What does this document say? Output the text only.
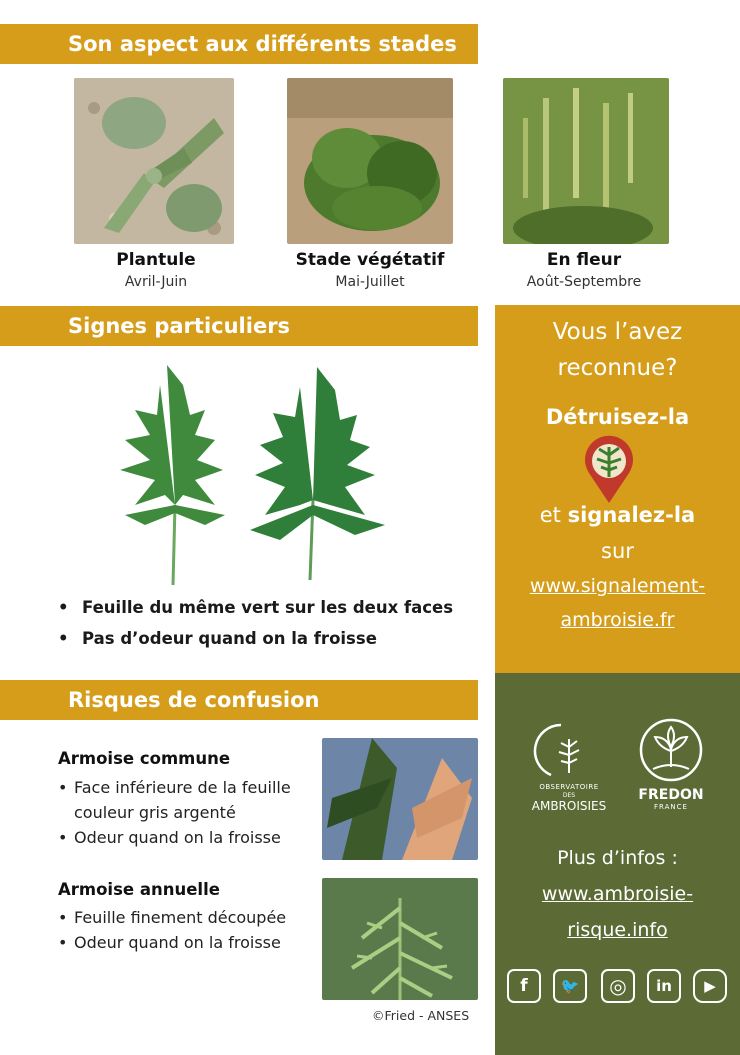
Son aspect aux différents stades
Plantule
Avril-Juin
Stade végétatif
Mai-Juillet
En fleur
Août-Septembre
Signes particuliers
• Feuille du même vert sur les deux faces
• Pas d’odeur quand on la froisse
Risques de confusion
Armoise commune
• Face inférieure de la feuille
couleur gris argenté
• Odeur quand on la froisse
Armoise annuelle
• Feuille finement découpée
• Odeur quand on la froisse
©Fried - ANSES
Vous l’avez
reconnue?
Détruisez-la
et signalez-la
sur
www.signalement-
ambroisie.fr
OBSERVATOIRE
DES
AMBROISIES
FREDON
FRANCE
Plus d’infos :
www.ambroisie-
risque.info
f	🐦	◎	in	▶
